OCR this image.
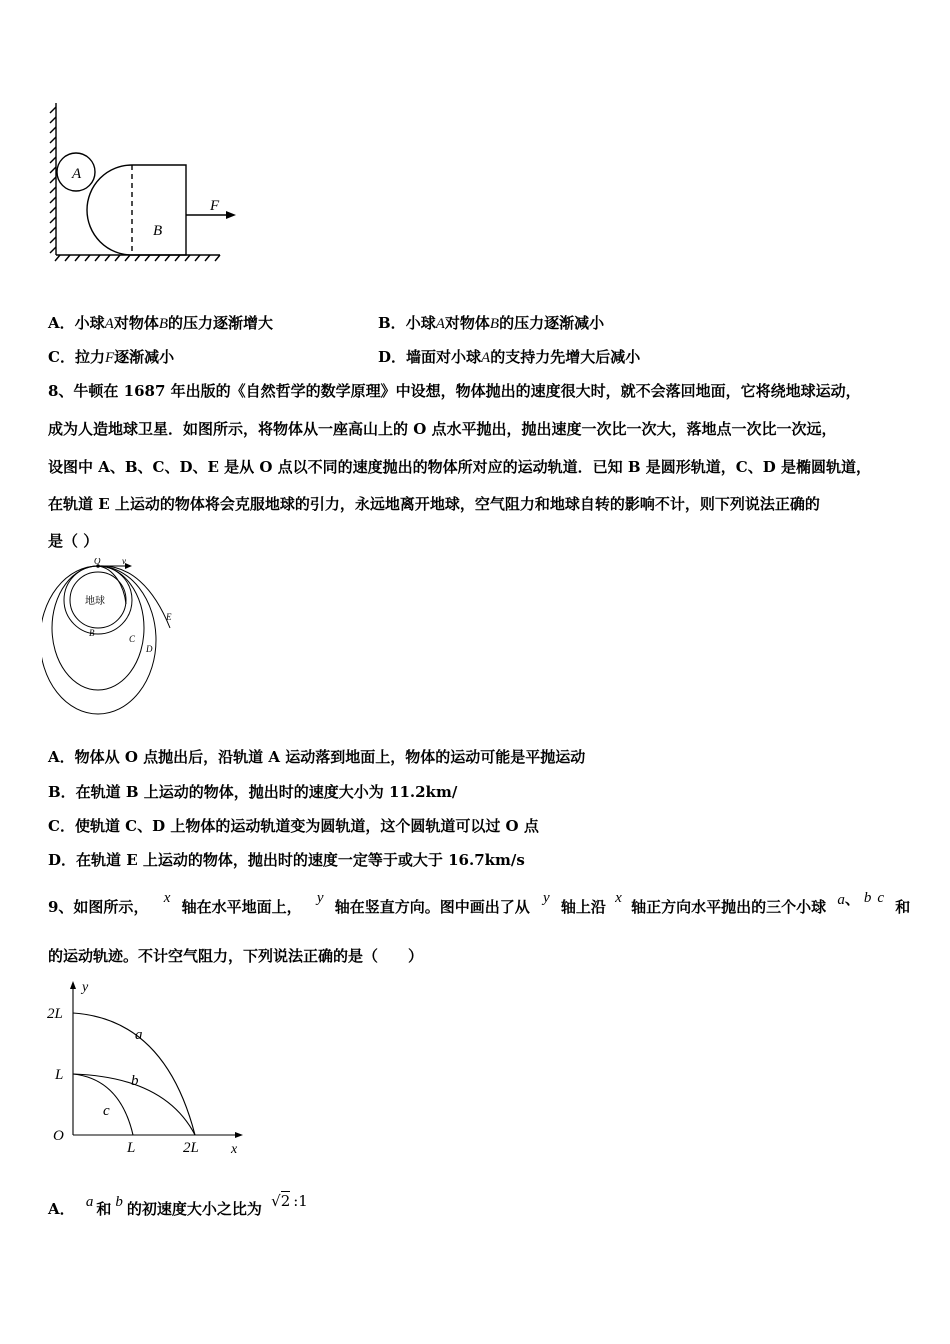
A
B
F
A．小球A对物体B的压力逐渐增大	B．小球A对物体B的压力逐渐减小
C．拉力F逐渐减小	D．墙面对小球A的支持力先增大后减小
8、牛顿在 1687 年出版的《自然哲学的数学原理》中设想，物体抛出的速度很大时，就不会落回地面，它将绕地球运动，
成为人造地球卫星．如图所示，将物体从一座高山上的 O 点水平抛出，抛出速度一次比一次大，落地点一次比一次远，
设图中 A、B、C、D、E 是从 O 点以不同的速度抛出的物体所对应的运动轨道．已知 B 是圆形轨道，C、D 是椭圆轨道，
在轨道 E 上运动的物体将会克服地球的引力，永远地离开地球，空气阻力和地球自转的影响不计，则下列说法正确的
是（ ）
地球
O v
B
C
D
E
A．物体从 O 点抛出后，沿轨道 A 运动落到地面上，物体的运动可能是平抛运动
B．在轨道 B 上运动的物体，抛出时的速度大小为 11.2km/
C．使轨道 C、D 上物体的运动轨道变为圆轨道，这个圆轨道可以过 O 点
D．在轨道 E 上运动的物体，抛出时的速度一定等于或大于 16.7km/s
9、如图所示， x 轴在水平地面上， y 轴在竖直方向。图中画出了从 y 轴上沿 x 轴正方向水平抛出的三个小球 a、 b c 和
的运动轨迹。不计空气阻力，下列说法正确的是（　　）
y
x
2L
L
O
L	2L
a
b
c
A． a 和 b 的初速度大小之比为 √2 :1
